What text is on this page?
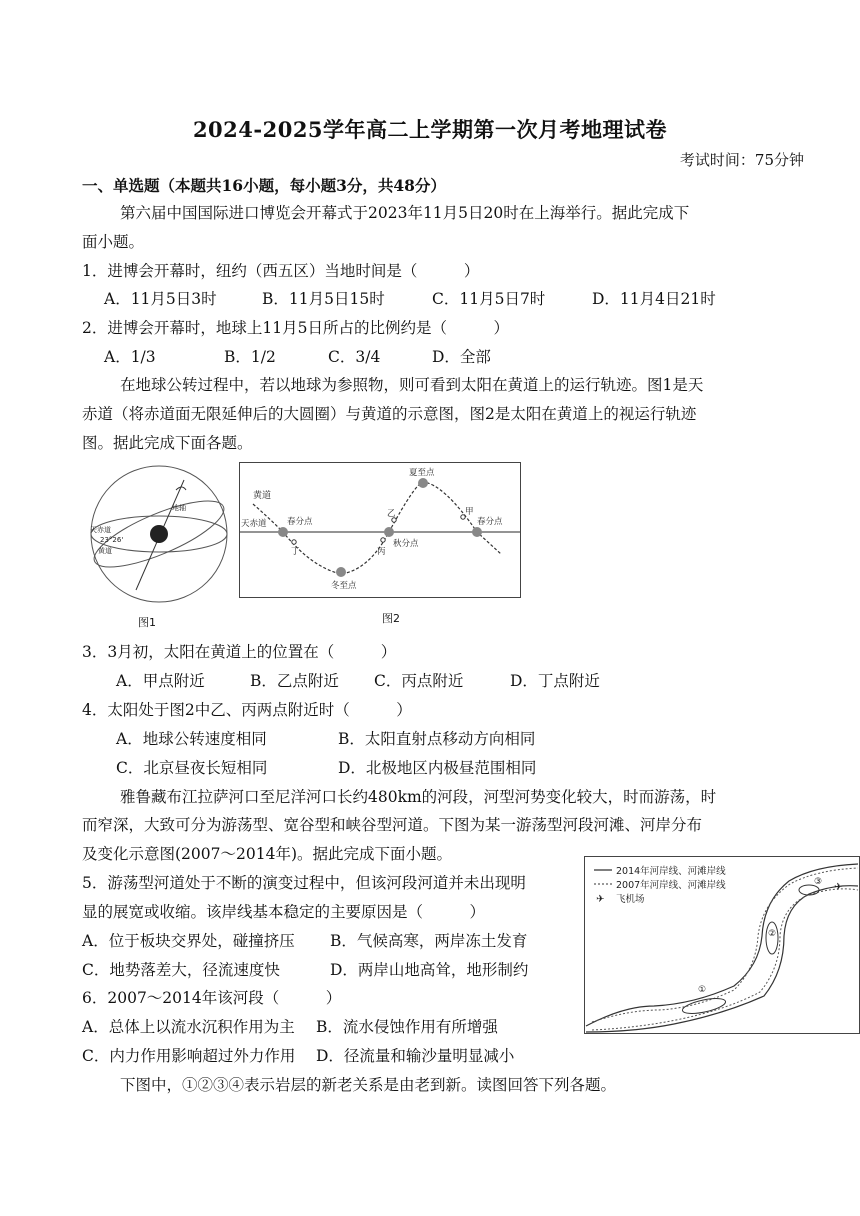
2024-2025学年高二上学期第一次月考地理试卷
考试时间：75分钟
一、单选题（本题共16小题，每小题3分，共48分）
第六届中国国际进口博览会开幕式于2023年11月5日20时在上海举行。据此完成下
面小题。
1．进博会开幕时，纽约（西五区）当地时间是（　　　）
A．11月5日3时	B．11月5日15时	C．11月5日7时	D．11月4日21时
2．进博会开幕时，地球上11月5日所占的比例约是（　　　）
A．1/3	B．1/2	C．3/4	D．全部
在地球公转过程中，若以地球为参照物，则可看到太阳在黄道上的运行轨迹。图1是天
赤道（将赤道面无限延伸后的大圆圈）与黄道的示意图，图2是太阳在黄道上的视运行轨迹
图。据此完成下面各题。
天赤道
23°26'
黄道
地轴
图1
黄道
天赤道 春分点
夏至点
秋分点
冬至点
春分点
甲
乙
丙
丁
图2
3．3月初，太阳在黄道上的位置在（　　　）
A．甲点附近	B．乙点附近 C．丙点附近	D．丁点附近
4．太阳处于图2中乙、丙两点附近时（　　　）
A．地球公转速度相同	B．太阳直射点移动方向相同
C．北京昼夜长短相同	D．北极地区内极昼范围相同
雅鲁藏布江拉萨河口至尼洋河口长约480km的河段，河型河势变化较大，时而游荡，时
而窄深，大致可分为游荡型、宽谷型和峡谷型河道。下图为某一游荡型河段河滩、河岸分布
及变化示意图(2007～2014年)。据此完成下面小题。
2014年河岸线、河滩岸线
2007年河岸线、河滩岸线
✈ 飞机场
①
②
③ ✈
5．游荡型河道处于不断的演变过程中，但该河段河道并未出现明
显的展宽或收缩。该岸线基本稳定的主要原因是（　　　）
A．位于板块交界处，碰撞挤压 B．气候高寒，两岸冻土发育
C．地势落差大，径流速度快	D．两岸山地高耸，地形制约
6．2007～2014年该河段（　　　）
A．总体上以流水沉积作用为主 B．流水侵蚀作用有所增强
C．内力作用影响超过外力作用 D．径流量和输沙量明显减小
下图中，①②③④表示岩层的新老关系是由老到新。读图回答下列各题。
